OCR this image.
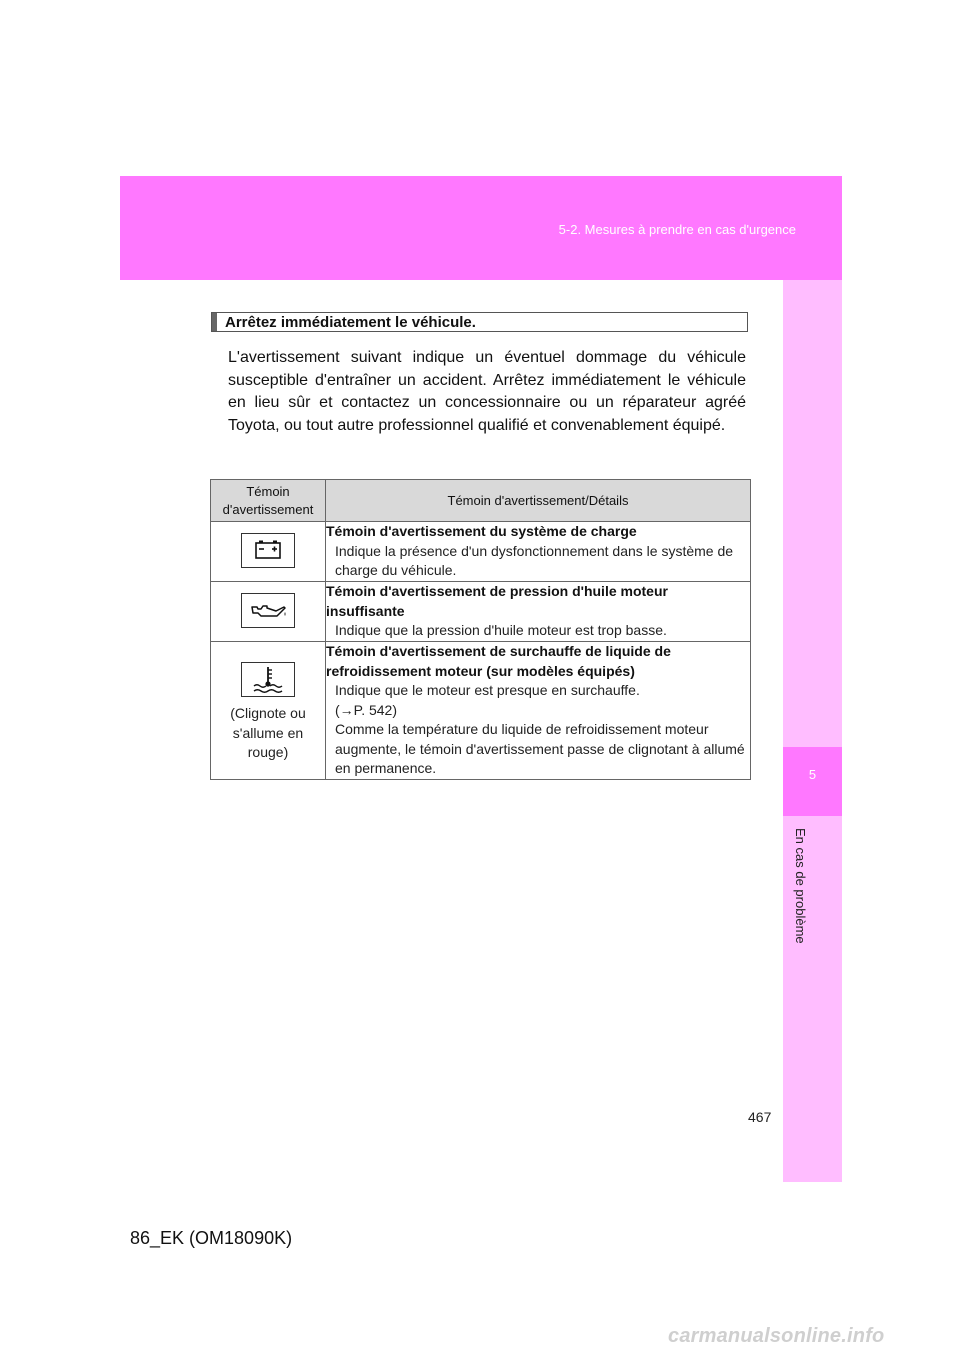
5-2. Mesures à prendre en cas d'urgence
5
En cas de problème
Arrêtez immédiatement le véhicule.
L'avertissement suivant indique un éventuel dommage du véhicule susceptible d'entraîner un accident. Arrêtez immédiatement le véhicule en lieu sûr et contactez un concessionnaire ou un réparateur agréé Toyota, ou tout autre professionnel qualifié et convenablement équipé.
Témoin d'avertissement	Témoin d'avertissement/Détails

Témoin d'avertissement du système de charge
Indique la présence d'un dysfonctionnement dans le système de charge du véhicule.

Témoin d'avertissement de pression d'huile moteur insuffisante
Indique que la pression d'huile moteur est trop basse.

(Clignote ou s'allume en rouge)	Témoin d'avertissement de surchauffe de liquide de refroidissement moteur (sur modèles équipés)
Indique que le moteur est presque en surchauffe.
(→P. 542)
Comme la température du liquide de refroidissement moteur augmente, le témoin d'avertissement passe de clignotant à allumé en permanence.
467
86_EK (OM18090K)
carmanualsonline.info
